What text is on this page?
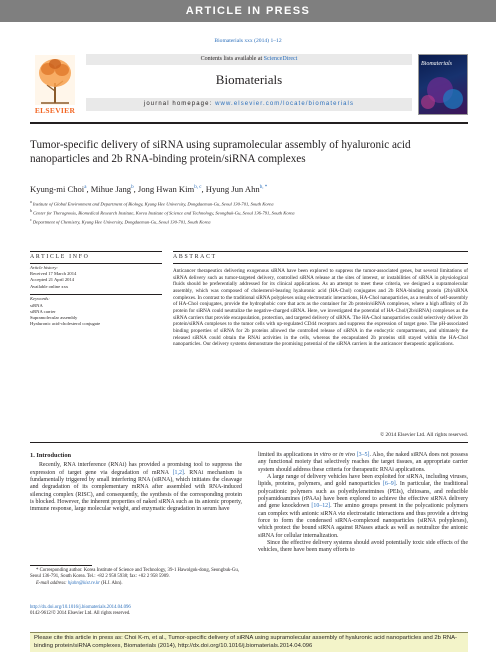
ARTICLE IN PRESS
Biomaterials xxx (2014) 1–12
ELSEVIER
Contents lists available at ScienceDirect
Biomaterials
journal homepage: www.elsevier.com/locate/biomaterials
Biomaterials
Tumor-specific delivery of siRNA using supramolecular assembly of hyaluronic acid nanoparticles and 2b RNA-binding protein/siRNA complexes
Kyung-mi Choi$^a$, Mihue Jang$^b$, Jong Hwan Kim$^{b, c}$, Hyung Jun Ahn$^{b, *}$
$^a$ Institute of Global Environment and Department of Biology, Kyung Hee University, Dongdaemun-Gu, Seoul 130-701, South Korea
$^b$ Center for Theragnosis, Biomedical Research Institute, Korea Institute of Science and Technology, Seongbuk-Gu, Seoul 136-791, South Korea
$^c$ Department of Chemistry, Kyung Hee University, Dongdaemun-Gu, Seoul 130-701, South Korea
ARTICLE INFO	ABSTRACT
Article history:
Received 17 March 2014
Accepted 21 April 2014
Available online xxx
Keywords:
siRNA
siRNA carrier
Supramolecular assembly
Hyaluronic acid-cholesterol conjugate
Anticancer therapeutics delivering exogenous siRNA have been explored to suppress the tumor-associated genes, but several limitations of siRNA delivery such as tumor-targeted delivery, controlled siRNA release at the sites of interest, or instabilities of siRNA in physiological fluids should be preferentially addressed for its clinical applications. As an attempt to meet these criteria, we designed a supramolecular assembly, which was composed of cholesterol-bearing hyaluronic acid (HA-Chol) conjugates and 2b RNA-binding protein (2b)/siRNA complexes. In contrast to the traditional siRNA polyplexes using electrostatic interactions, HA-Chol nanoparticles, as a results of self-assembly of HA-Chol conjugates, provide the hydrophobic core that acts as the container for 2b protein/siRNA complexes, where a high affinity of 2b protein for siRNA could neutralize the negative-charged siRNA. Here, we investigated the potential of HA-Chol/(2b/siRNA) complexes as the siRNA carriers that provide encapsulation, protection, and targeted delivery of siRNA. The HA-Chol nanoparticles could selectively deliver 2b protein/siRNA complexes to the tumor cells with up-regulated CD44 receptors and suppress the expression of target gene. The pH-associated binding properties of siRNA for 2b proteins allowed the controlled release of siRNA in the endocytic compartments, and ultimately the released siRNA could obtain the RNAi activities in the cells, whereas the encapsulated 2b proteins still stayed within the HA-Chol nanoparticles. Our delivery systems demonstrate the promising potential of the siRNA carriers in the anticancer therapeutic applications.
© 2014 Elsevier Ltd. All rights reserved.
1. Introduction

Recently, RNA interference (RNAi) has provided a promising tool to suppress the expression of target gene via degradation of mRNA [1,2]. RNAi mechanism is fundamentally triggered by small interfering RNA (siRNA), which initiates the cleavage and degradation of its complementary mRNA after assembled with RNA-induced silencing complex (RISC), and consequently, the synthesis of the corresponding protein is blocked. However, the inherent properties of naked siRNA such as its anionic property, immune response, large molecular weight, and enzymatic degradation in serum have

limited its applications in vitro or in vivo [3–5]. Also, the naked siRNA does not possess any functional moiety that selectively reaches the target tissues, an appropriate carrier system should address these criteria for therapeutic RNAi applications.

A large range of delivery vehicles have been exploited for siRNA, including viruses, lipids, proteins, polymers, and gold nanoparticles [6–9]. In particular, the traditional polycationic polymers such as polyethyleneimines (PEIs), chitosans, and reducible polyamidoamines (rPAAs) have been explored to achieve the effective siRNA delivery and gene knockdown [10–12]. The amino groups present in the polycationic polymers can complex with anionic siRNA via electrostatic interactions and thus provide a driving force to form the condensed siRNA-complexed nanoparticles (siRNA polyplexes), which protect the bound siRNA against RNases attack as well as neutralize the anionic siRNA for cellular internalization.

Since the effective delivery systems should avoid potentially toxic side effects of the vehicles, there have been many efforts to

* Corresponding author. Korea Institute of Science and Technology, 39-1 Hawolgok-dong, Seongbuk-Gu, Seoul 136-791, South Korea. Tel.: +82 2 958 5938; fax: +82 2 958 5909.
E-mail address: hjahn@kist.re.kr (H.J. Ahn).
http://dx.doi.org/10.1016/j.biomaterials.2014.04.096
0142-9612/© 2014 Elsevier Ltd. All rights reserved.
Please cite this article in press as: Choi K-m, et al., Tumor-specific delivery of siRNA using supramolecular assembly of hyaluronic acid nanoparticles and 2b RNA-binding protein/siRNA complexes, Biomaterials (2014), http://dx.doi.org/10.1016/j.biomaterials.2014.04.096
